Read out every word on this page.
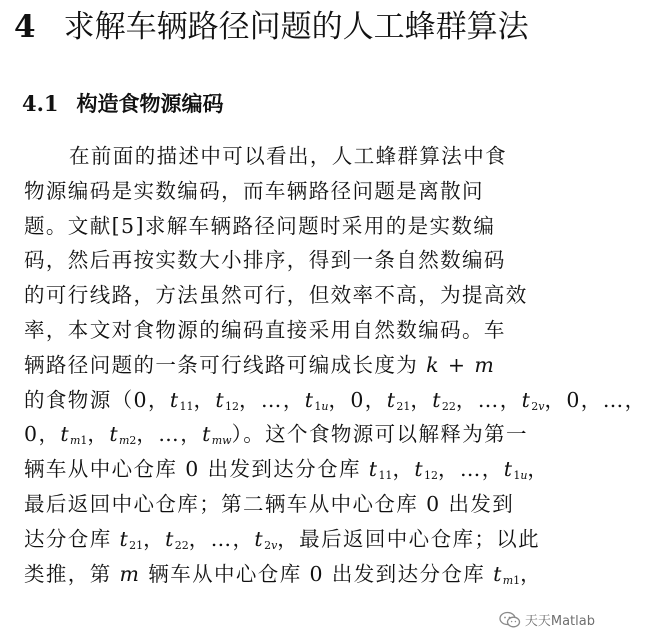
4 求解车辆路径问题的人工蜂群算法
4.1 构造食物源编码
在前面的描述中可以看出，人工蜂群算法中食
物源编码是实数编码，而车辆路径问题是离散问
题。文献[5]求解车辆路径问题时采用的是实数编
码，然后再按实数大小排序，得到一条自然数编码
的可行线路，方法虽然可行，但效率不高，为提高效
率，本文对食物源的编码直接采用自然数编码。车
辆路径问题的一条可行线路可编成长度为 k + m
的食物源（0，$t_{11}$，$t_{12}$，…，$t_{1u}$，0，$t_{21}$，$t_{22}$，…，$t_{2v}$，0，…，
0，$t_{m1}$，$t_{m2}$，…，$t_{mw}$）。这个食物源可以解释为第一
辆车从中心仓库 0 出发到达分仓库 $t_{11}$，$t_{12}$，…，$t_{1u}$，
最后返回中心仓库；第二辆车从中心仓库 0 出发到
达分仓库 $t_{21}$，$t_{22}$，…，$t_{2v}$，最后返回中心仓库；以此
类推，第 m 辆车从中心仓库 0 出发到达分仓库 $t_{m1}$，
天天Matlab
